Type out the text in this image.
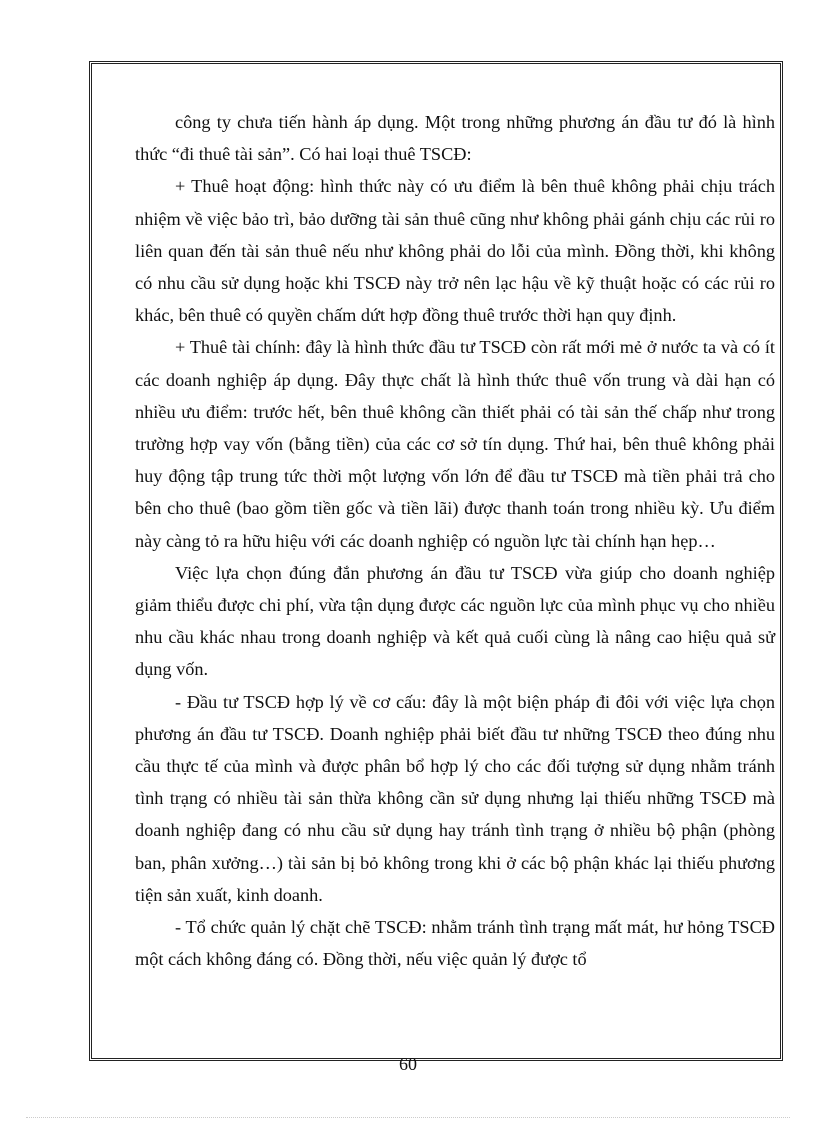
công ty chưa tiến hành áp dụng. Một trong những phương án đầu tư đó là hình thức “đi thuê tài sản”. Có hai loại thuê TSCĐ:

+ Thuê hoạt động: hình thức này có ưu điểm là bên thuê không phải chịu trách nhiệm về việc bảo trì, bảo dưỡng tài sản thuê cũng như không phải gánh chịu các rủi ro liên quan đến tài sản thuê nếu như không phải do lỗi của mình. Đồng thời, khi không có nhu cầu sử dụng hoặc khi TSCĐ này trở nên lạc hậu về kỹ thuật hoặc có các rủi ro khác, bên thuê có quyền chấm dứt hợp đồng thuê trước thời hạn quy định.

+ Thuê tài chính: đây là hình thức đầu tư TSCĐ còn rất mới mẻ ở nước ta và có ít các doanh nghiệp áp dụng. Đây thực chất là hình thức thuê vốn trung và dài hạn có nhiều ưu điểm: trước hết, bên thuê không cần thiết phải có tài sản thế chấp như trong trường hợp vay vốn (bằng tiền) của các cơ sở tín dụng. Thứ hai, bên thuê không phải huy động tập trung tức thời một lượng vốn lớn để đầu tư TSCĐ mà tiền phải trả cho bên cho thuê (bao gồm tiền gốc và tiền lãi) được thanh toán trong nhiều kỳ. Ưu điểm này càng tỏ ra hữu hiệu với các doanh nghiệp có nguồn lực tài chính hạn hẹp…

Việc lựa chọn đúng đắn phương án đầu tư TSCĐ vừa giúp cho doanh nghiệp giảm thiểu được chi phí, vừa tận dụng được các nguồn lực của mình phục vụ cho nhiều nhu cầu khác nhau trong doanh nghiệp và kết quả cuối cùng là nâng cao hiệu quả sử dụng vốn.

- Đầu tư TSCĐ hợp lý về cơ cấu: đây là một biện pháp đi đôi với việc lựa chọn phương án đầu tư TSCĐ. Doanh nghiệp phải biết đầu tư những TSCĐ theo đúng nhu cầu thực tế của mình và được phân bổ hợp lý cho các đối tượng sử dụng nhằm tránh tình trạng có nhiều tài sản thừa không cần sử dụng nhưng lại thiếu những TSCĐ mà doanh nghiệp đang có nhu cầu sử dụng hay tránh tình trạng ở nhiều bộ phận (phòng ban, phân xưởng…) tài sản bị bỏ không trong khi ở các bộ phận khác lại thiếu phương tiện sản xuất, kinh doanh.

- Tổ chức quản lý chặt chẽ TSCĐ: nhằm tránh tình trạng mất mát, hư hỏng TSCĐ một cách không đáng có. Đồng thời, nếu việc quản lý được tổ

60
